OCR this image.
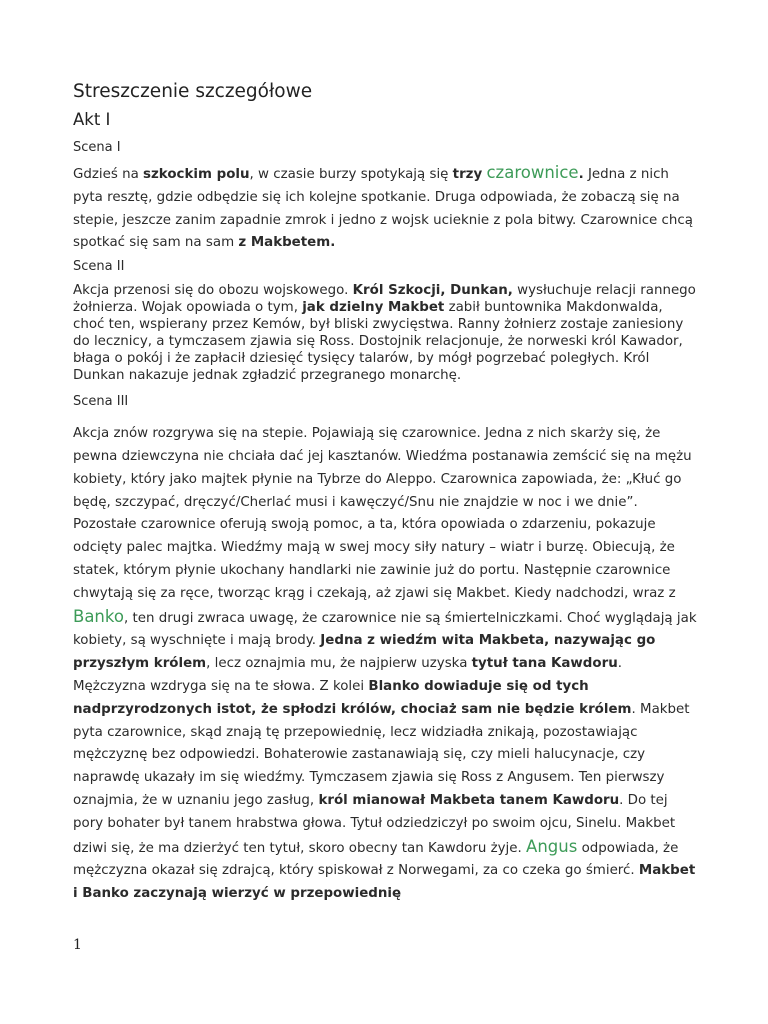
Streszczenie szczegółowe
Akt I
Scena I

Gdzieś na szkockim polu, w czasie burzy spotykają się trzy czarownice. Jedna z nich pyta resztę, gdzie odbędzie się ich kolejne spotkanie. Druga odpowiada, że zobaczą się na stepie, jeszcze zanim zapadnie zmrok i jedno z wojsk ucieknie z pola bitwy. Czarownice chcą spotkać się sam na sam z Makbetem.

Scena II

Akcja przenosi się do obozu wojskowego. Król Szkocji, Dunkan, wysłuchuje relacji rannego żołnierza. Wojak opowiada o tym, jak dzielny Makbet zabił buntownika Makdonwalda, choć ten, wspierany przez Kemów, był bliski zwycięstwa. Ranny żołnierz zostaje zaniesiony do lecznicy, a tymczasem zjawia się Ross. Dostojnik relacjonuje, że norweski król Kawador, błaga o pokój i że zapłacił dziesięć tysięcy talarów, by mógł pogrzebać poległych. Król Dunkan nakazuje jednak zgładzić przegranego monarchę.

Scena III

Akcja znów rozgrywa się na stepie. Pojawiają się czarownice. Jedna z nich skarży się, że pewna dziewczyna nie chciała dać jej kasztanów. Wiedźma postanawia zemścić się na mężu kobiety, który jako majtek płynie na Tybrze do Aleppo. Czarownica zapowiada, że: „Kłuć go będę, szczypać, dręczyć/Cherlać musi i kawęczyć/Snu nie znajdzie w noc i we dnie”. Pozostałe czarownice oferują swoją pomoc, a ta, która opowiada o zdarzeniu, pokazuje odcięty palec majtka. Wiedźmy mają w swej mocy siły natury – wiatr i burzę. Obiecują, że statek, którym płynie ukochany handlarki nie zawinie już do portu. Następnie czarownice chwytają się za ręce, tworząc krąg i czekają, aż zjawi się Makbet. Kiedy nadchodzi, wraz z Banko, ten drugi zwraca uwagę, że czarownice nie są śmiertelniczkami. Choć wyglądają jak kobiety, są wyschnięte i mają brody. Jedna z wiedźm wita Makbeta, nazywając go przyszłym królem, lecz oznajmia mu, że najpierw uzyska tytuł tana Kawdoru. Mężczyzna wzdryga się na te słowa. Z kolei Blanko dowiaduje się od tych nadprzyrodzonych istot, że spłodzi królów, chociaż sam nie będzie królem. Makbet pyta czarownice, skąd znają tę przepowiednię, lecz widziadła znikają, pozostawiając mężczyznę bez odpowiedzi. Bohaterowie zastanawiają się, czy mieli halucynacje, czy naprawdę ukazały im się wiedźmy. Tymczasem zjawia się Ross z Angusem. Ten pierwszy oznajmia, że w uznaniu jego zasług, król mianował Makbeta tanem Kawdoru. Do tej pory bohater był tanem hrabstwa głowa. Tytuł odziedziczył po swoim ojcu, Sinelu. Makbet dziwi się, że ma dzierżyć ten tytuł, skoro obecny tan Kawdoru żyje. Angus odpowiada, że mężczyzna okazał się zdrajcą, który spiskował z Norwegami, za co czeka go śmierć. Makbet i Banko zaczynają wierzyć w przepowiednię

1
